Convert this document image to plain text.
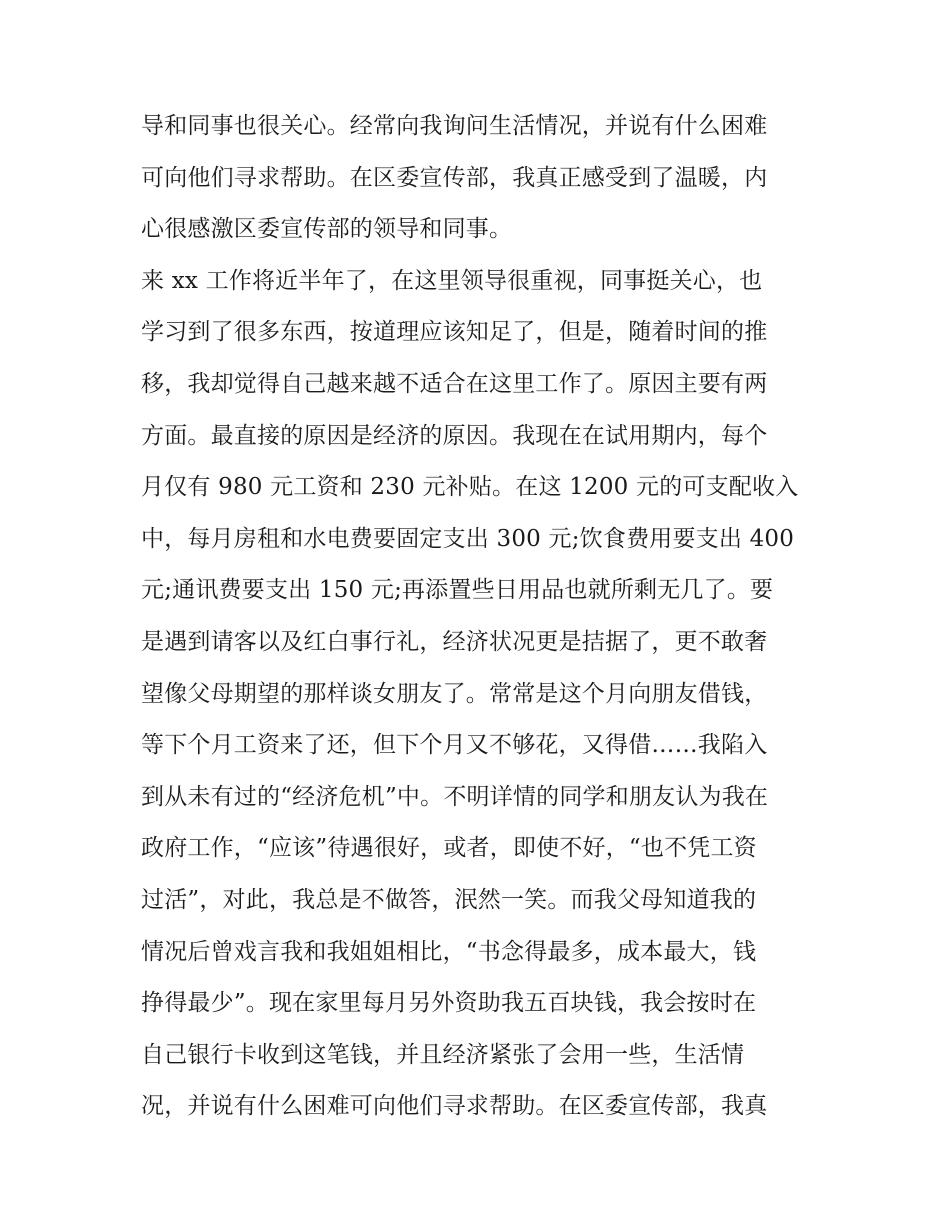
导和同事也很关心。经常向我询问生活情况，并说有什么困难
可向他们寻求帮助。在区委宣传部，我真正感受到了温暖，内
心很感激区委宣传部的领导和同事。
来 xx 工作将近半年了，在这里领导很重视，同事挺关心，也
学习到了很多东西，按道理应该知足了，但是，随着时间的推
移，我却觉得自己越来越不适合在这里工作了。原因主要有两
方面。最直接的原因是经济的原因。我现在在试用期内，每个
月仅有 980 元工资和 230 元补贴。在这 1200 元的可支配收入
中，每月房租和水电费要固定支出 300 元;饮食费用要支出 400
元;通讯费要支出 150 元;再添置些日用品也就所剩无几了。要
是遇到请客以及红白事行礼，经济状况更是拮据了，更不敢奢
望像父母期望的那样谈女朋友了。常常是这个月向朋友借钱，
等下个月工资来了还，但下个月又不够花，又得借……我陷入
到从未有过的“经济危机”中。不明详情的同学和朋友认为我在
政府工作，“应该”待遇很好，或者，即使不好，“也不凭工资
过活”，对此，我总是不做答，泯然一笑。而我父母知道我的
情况后曾戏言我和我姐姐相比，“书念得最多，成本最大，钱
挣得最少”。现在家里每月另外资助我五百块钱，我会按时在
自己银行卡收到这笔钱，并且经济紧张了会用一些，生活情
况，并说有什么困难可向他们寻求帮助。在区委宣传部，我真
